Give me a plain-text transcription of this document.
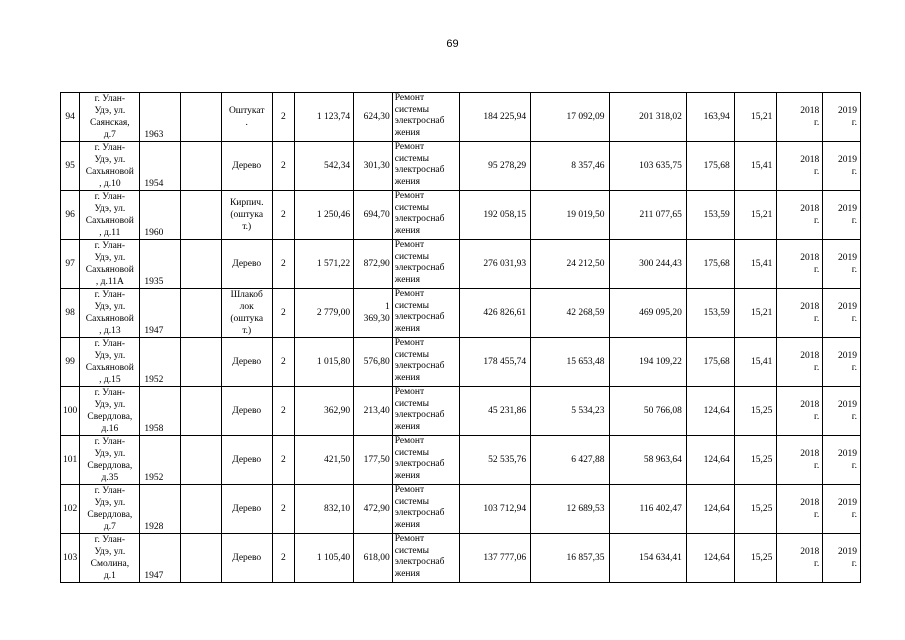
69
94	г. Улан-
Удэ, ул.
Саянская,
д.7	1963		Оштукат
.	2	1 123,74	624,30	Ремонт
системы
электроснаб
жения	184 225,94	17 092,09	201 318,02	163,94	15,21	2018
г.	2019
г.
95	г. Улан-
Удэ, ул.
Сахьяновой
, д.10	1954		Дерево	2	542,34	301,30	Ремонт
системы
электроснаб
жения	95 278,29	8 357,46	103 635,75	175,68	15,41	2018
г.	2019
г.
96	г. Улан-
Удэ, ул.
Сахьяновой
, д.11	1960		Кирпич.
(оштука
т.)	2	1 250,46	694,70	Ремонт
системы
электроснаб
жения	192 058,15	19 019,50	211 077,65	153,59	15,21	2018
г.	2019
г.
97	г. Улан-
Удэ, ул.
Сахьяновой
, д.11А	1935		Дерево	2	1 571,22	872,90	Ремонт
системы
электроснаб
жения	276 031,93	24 212,50	300 244,43	175,68	15,41	2018
г.	2019
г.
98	г. Улан-
Удэ, ул.
Сахьяновой
, д.13	1947		Шлакоб
лок
(оштука
т.)	2	2 779,00	1
369,30	Ремонт
системы
электроснаб
жения	426 826,61	42 268,59	469 095,20	153,59	15,21	2018
г.	2019
г.
99	г. Улан-
Удэ, ул.
Сахьяновой
, д.15	1952		Дерево	2	1 015,80	576,80	Ремонт
системы
электроснаб
жения	178 455,74	15 653,48	194 109,22	175,68	15,41	2018
г.	2019
г.
100	г. Улан-
Удэ, ул.
Свердлова,
д.16	1958		Дерево	2	362,90	213,40	Ремонт
системы
электроснаб
жения	45 231,86	5 534,23	50 766,08	124,64	15,25	2018
г.	2019
г.
101	г. Улан-
Удэ, ул.
Свердлова,
д.35	1952		Дерево	2	421,50	177,50	Ремонт
системы
электроснаб
жения	52 535,76	6 427,88	58 963,64	124,64	15,25	2018
г.	2019
г.
102	г. Улан-
Удэ, ул.
Свердлова,
д.7	1928		Дерево	2	832,10	472,90	Ремонт
системы
электроснаб
жения	103 712,94	12 689,53	116 402,47	124,64	15,25	2018
г.	2019
г.
103	г. Улан-
Удэ, ул.
Смолина,
д.1	1947		Дерево	2	1 105,40	618,00	Ремонт
системы
электроснаб
жения	137 777,06	16 857,35	154 634,41	124,64	15,25	2018
г.	2019
г.
